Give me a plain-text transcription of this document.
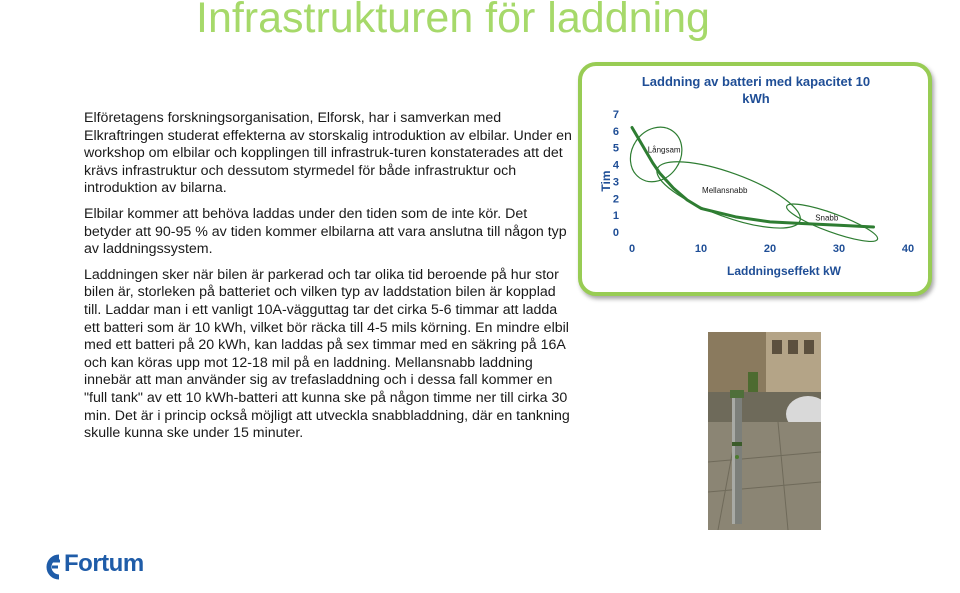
Infrastrukturen för laddning

Elföretagens forskningsorganisation, Elforsk, har i samverkan med Elkraftringen studerat effekterna av storskalig introduktion av elbilar. Under en workshop om elbilar och kopplingen till infrastruk-turen konstaterades att det krävs infrastruktur och dessutom styrmedel för både infrastruktur och introduktion av bilarna.

Elbilar kommer att behöva laddas under den tiden som de inte kör. Det betyder att 90-95 % av tiden kommer elbilarna att vara anslutna till någon typ av laddningssystem.

Laddningen sker när bilen är parkerad och tar olika tid beroende på hur stor bilen är, storleken på batteriet och vilken typ av laddstation bilen är kopplad till. Laddar man i ett vanligt 10A-vägguttag tar det cirka 5-6 timmar att ladda ett batteri som är 10 kWh, vilket bör räcka till 4-5 mils körning. En mindre elbil med ett batteri på 20 kWh, kan laddas på sex timmar med en säkring på 16A och kan köras upp mot 12-18 mil på en laddning. Mellansnabb laddning innebär att man använder sig av trefasladdning och i dessa fall kommer en "full tank" av ett 10 kWh-batteri att kunna ske på någon timme ner till cirka 30 min. Det är i princip också möjligt att utveckla snabbladdning, där en tankning skulle kunna ske under 15 minuter.

Laddning av batteri med kapacitet 10
kWh
Tim
Laddningseffekt kW
0
1
2
3
4
5
6
7
0	10	20	30	40
Långsam
Mellansnabb
Snabb
Fortum
